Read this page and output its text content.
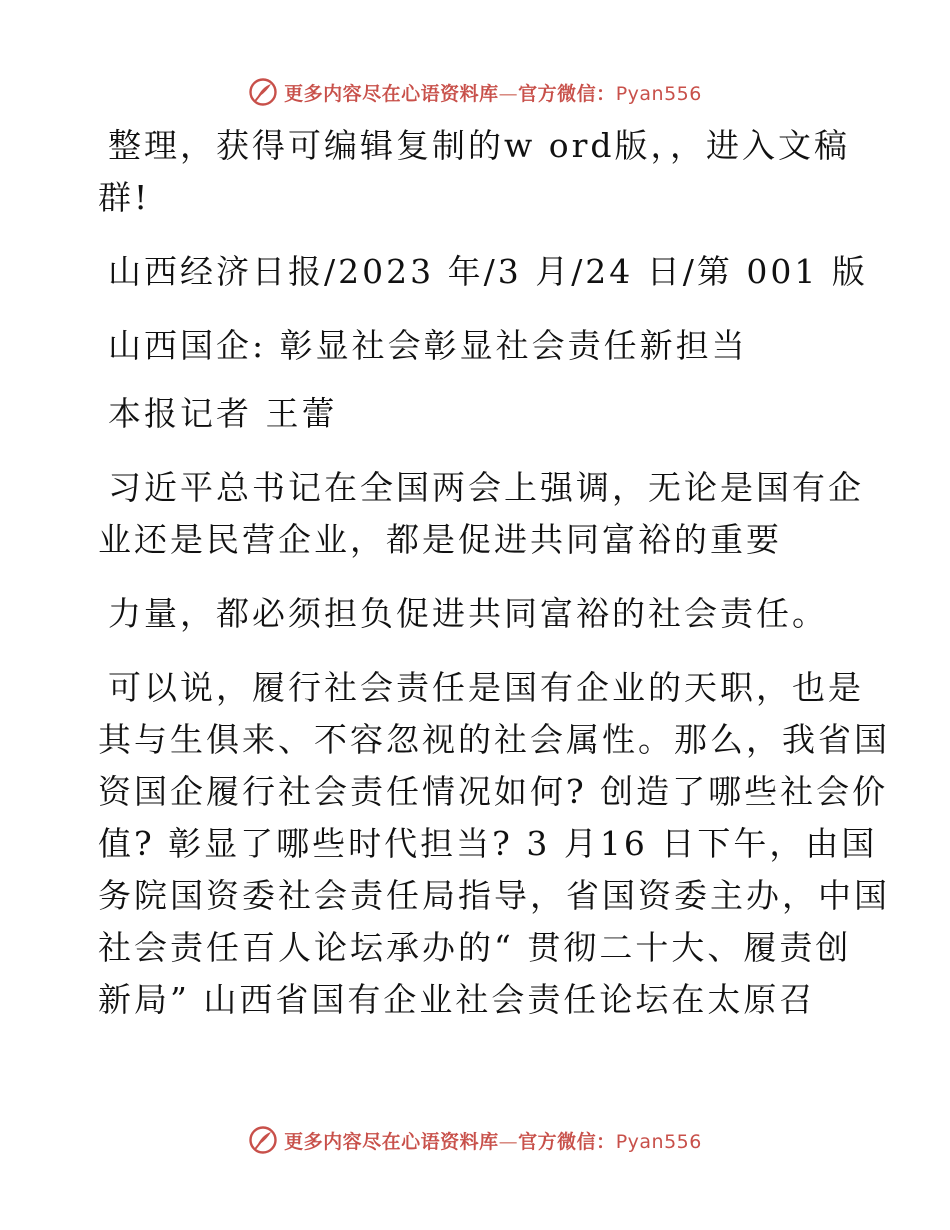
更多内容尽在心语资料库—官方微信：Pyan556
整理，获得可编辑复制的w ord版，，进入文稿
群!
山西经济日报/2023 年/3 月/24 日/第 001 版
山西国企: 彰显社会彰显社会责任新担当
本报记者 王蕾
习近平总书记在全国两会上强调，无论是国有企
业还是民营企业，都是促进共同富裕的重要
力量，都必须担负促进共同富裕的社会责任。
可以说，履行社会责任是国有企业的天职，也是
其与生俱来、不容忽视的社会属性。那么，我省国
资国企履行社会责任情况如何? 创造了哪些社会价
值? 彰显了哪些时代担当? 3 月16 日下午，由国
务院国资委社会责任局指导，省国资委主办，中国
社会责任百人论坛承办的“ 贯彻二十大、履责创
新局” 山西省国有企业社会责任论坛在太原召
更多内容尽在心语资料库—官方微信：Pyan556
